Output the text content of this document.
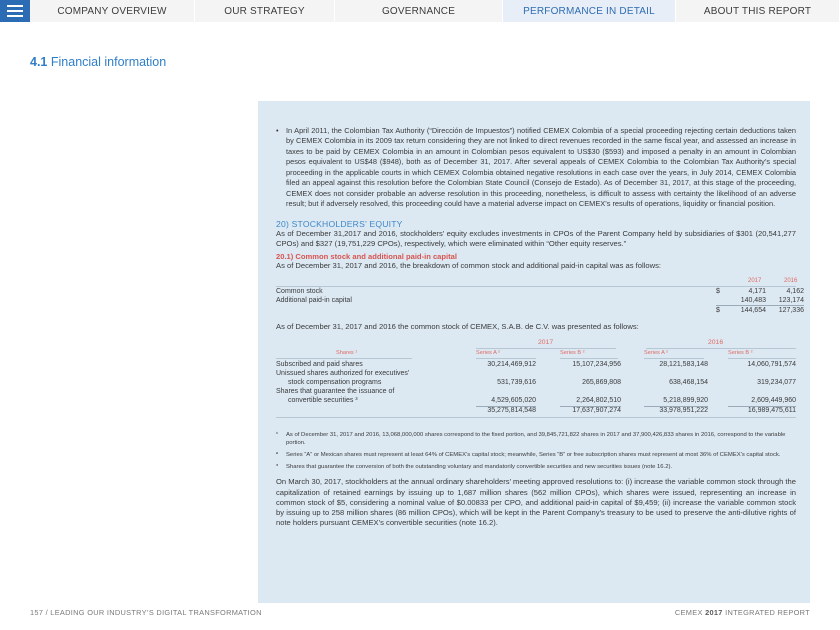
COMPANY OVERVIEW	OUR STRATEGY	GOVERNANCE	PERFORMANCE IN DETAIL	ABOUT THIS REPORT
4.1 Financial information
•	In April 2011, the Colombian Tax Authority (“Dirección de Impuestos”) notified CEMEX Colombia of a special proceeding rejecting certain deductions taken by CEMEX Colombia in its 2009 tax return considering they are not linked to direct revenues recorded in the same fiscal year, and assessed an increase in taxes to be paid by CEMEX Colombia in an amount in Colombian pesos equivalent to US$30 ($593) and imposed a penalty in an amount in Colombian pesos equivalent to US$48 ($948), both as of December 31, 2017. After several appeals of CEMEX Colombia to the Colombian Tax Authority’s special proceeding in the applicable courts in which CEMEX Colombia obtained negative resolutions in each case over the years, in July 2014, CEMEX Colombia filed an appeal against this resolution before the Colombian State Council (Consejo de Estado). As of December 31, 2017, at this stage of the proceeding, CEMEX does not consider probable an adverse resolution in this proceeding, nonetheless, is difficult to assess with certainty the likelihood of an adverse result; but if adversely resolved, this proceeding could have a material adverse impact on CEMEX’s results of operations, liquidity or financial position.
20) STOCKHOLDERS’ EQUITY
As of December 31,2017 and 2016, stockholders’ equity excludes investments in CPOs of the Parent Company held by subsidiaries of $301 (20,541,277 CPOs) and $327 (19,751,229 CPOs), respectively, which were eliminated within “Other equity reserves.”
20.1) Common stock and additional paid-in capital
As of December 31, 2017 and 2016, the breakdown of common stock and additional paid-in capital was as follows:
2017	2016
Common stock	$	4,171	4,162
Additional paid-in capital	140,483	123,174
$	144,654	127,336
As of December 31, 2017 and 2016 the common stock of CEMEX, S.A.B. de C.V. was presented as follows:
2017	2016
Shares ¹	Series A ²	Series B ²	Series A ²	Series B ²
Subscribed and paid shares	30,214,469,912	15,107,234,956	28,121,583,148	14,060,791,574
Unissued shares authorized for executives’
stock compensation programs	531,739,616	265,869,808	638,468,154	319,234,077
Shares that guarantee the issuance of
convertible securities ³	4,529,605,020	2,264,802,510	5,218,899,920	2,609,449,960
35,275,814,548	17,637,907,274	33,978,951,222	16,989,475,611
¹	As of December 31, 2017 and 2016, 13,068,000,000 shares correspond to the fixed portion, and 39,845,721,822 shares in 2017 and 37,900,426,833 shares in 2016, correspond to the variable portion.
²	Series “A” or Mexican shares must represent at least 64% of CEMEX’s capital stock; meanwhile, Series “B” or free subscription shares must represent at most 36% of CEMEX’s capital stock.
³	Shares that guarantee the conversion of both the outstanding voluntary and mandatorily convertible securities and new securities issues (note 16.2).
On March 30, 2017, stockholders at the annual ordinary shareholders’ meeting approved resolutions to: (i) increase the variable common stock through the capitalization of retained earnings by issuing up to 1,687 million shares (562 million CPOs), which shares were issued, representing an increase in common stock of $5, considering a nominal value of $0.00833 per CPO, and additional paid-in capital of $9,459; (ii) increase the variable common stock by issuing up to 258 million shares (86 million CPOs), which will be kept in the Parent Company’s treasury to be used to preserve the anti-dilutive rights of note holders pursuant CEMEX’s convertible securities (note 16.2).
157 / LEADING OUR INDUSTRY’S DIGITAL TRANSFORMATION	CEMEX 2017 INTEGRATED REPORT
